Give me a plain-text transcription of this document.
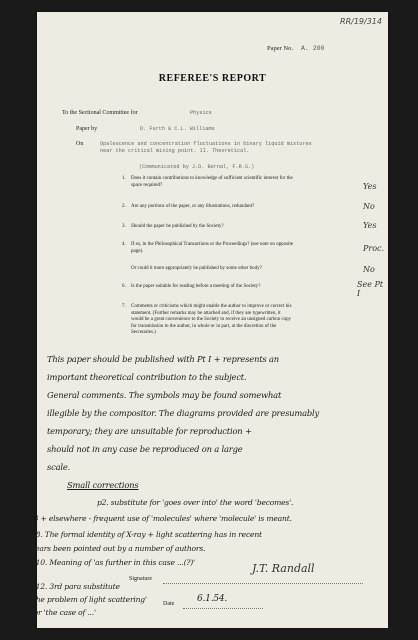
RR/19/314
Paper No. A. 200
REFEREE'S REPORT
To the Sectional Committee for	Physics
Paper by	D. Furth & C.L. Williams
On	Opalescence and concentration fluctuations in binary liquid mixtures
near the critical mixing point. II. Theoretical.
(Communicated by J.D. Bernal, F.R.S.)
1.	Does it contain contributions to knowledge of sufficient scientific interest for the
space required?	Yes
2.	Are any portions of the paper, or any illustrations, redundant?	No
3.	Should the paper be published by the Society?	Yes
4.	If so, in the Philosophical Transactions or the Proceedings? (see note on opposite
page).	Proc.
Or could it more appropriately be published by some other body?	No
6.	Is the paper suitable for reading before a meeting of the Society?	See Pt I
7.	Comments or criticisms which might enable the author to improve or correct his
statement. (Further remarks may be attached and, if they are typewritten, it
would be a great convenience to the Society to receive an unsigned carbon copy
for transmission to the author, in whole or in part, at the discretion of the
Secretaries.)
This paper should be published with Pt I + represents an
important theoretical contribution to the subject.
General comments. The symbols may be found somewhat
illegible by the compositor. The diagrams provided are presumably
temporary; they are unsuitable for reproduction +
should not in any case be reproduced on a large
scale.
Small corrections
p2. substitute for 'goes over into' the word 'becomes'.
p3 + elsewhere - frequent use of 'molecules' where 'molecule' is meant.
p8. The formal identity of X-ray + light scattering has in recent
years been pointed out by a number of authors.
p10. Meaning of 'as further in this case ...(?)'
p12. 3rd para substitute
'the problem of light scattering'
for 'the case of ...'
Signature
J.T. Randall
Date	6.1.54.
